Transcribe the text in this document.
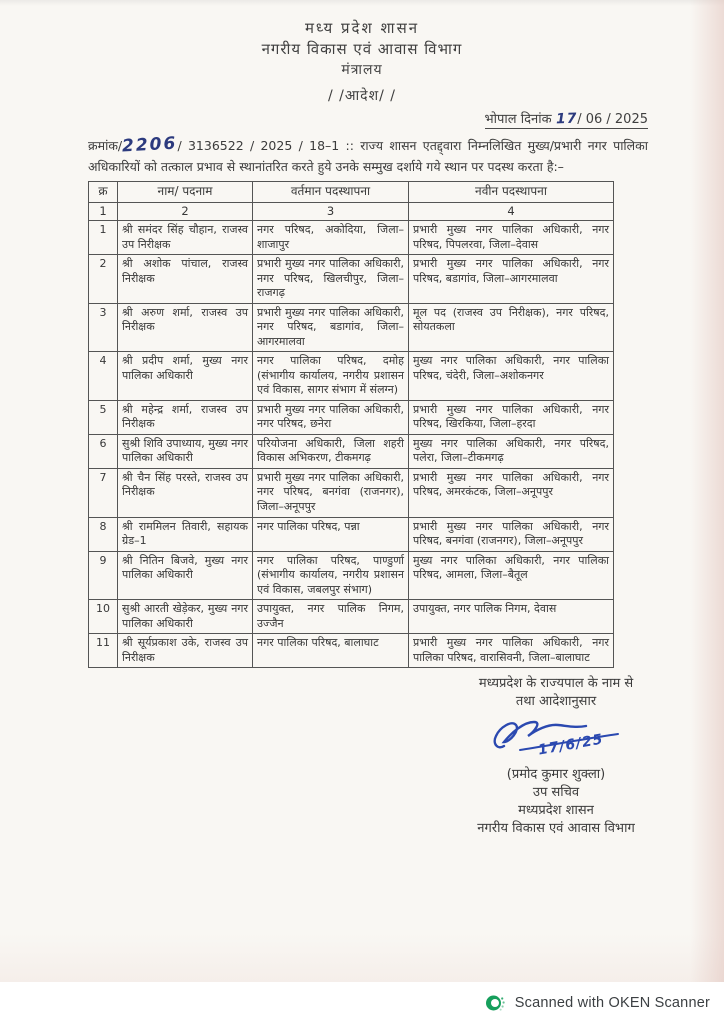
मध्य प्रदेश शासन
नगरीय विकास एवं आवास विभाग
मंत्रालय
/ /आदेश/ /
भोपाल दिनांक 17/ 06 / 2025

क्रमांक/2206/ 3136522 / 2025 / 18–1 :: राज्य शासन एतद्द्वारा निम्नलिखित मुख्य/प्रभारी नगर पालिका अधिकारियों को तत्काल प्रभाव से स्थानांतरित करते हुये उनके सम्मुख दर्शाये गये स्थान पर पदस्थ करता है:–

क्र	नाम/ पदनाम	वर्तमान पदस्थापना	नवीन पदस्थापना
1	2	3	4
1	श्री समंदर सिंह चौहान, राजस्व उप निरीक्षक	नगर परिषद, अकोदिया, जिला–शाजापुर	प्रभारी मुख्य नगर पालिका अधिकारी, नगर परिषद, पिपलरवा, जिला–देवास
2	श्री अशोक पांचाल, राजस्व निरीक्षक	प्रभारी मुख्य नगर पालिका अधिकारी, नगर परिषद, खिलचीपुर, जिला–राजगढ़	प्रभारी मुख्य नगर पालिका अधिकारी, नगर परिषद, बडागांव, जिला–आगरमालवा
3	श्री अरुण शर्मा, राजस्व उप निरीक्षक	प्रभारी मुख्य नगर पालिका अधिकारी, नगर परिषद, बडागांव, जिला–आगरमालवा	मूल पद (राजस्व उप निरीक्षक), नगर परिषद, सोयतकला
4	श्री प्रदीप शर्मा, मुख्य नगर पालिका अधिकारी	नगर पालिका परिषद, दमोह (संभागीय कार्यालय, नगरीय प्रशासन एवं विकास, सागर संभाग में संलग्न)	मुख्य नगर पालिका अधिकारी, नगर पालिका परिषद, चंदेरी, जिला–अशोकनगर
5	श्री महेन्द्र शर्मा, राजस्व उप निरीक्षक	प्रभारी मुख्य नगर पालिका अधिकारी, नगर परिषद, छनेरा	प्रभारी मुख्य नगर पालिका अधिकारी, नगर परिषद, खिरकिया, जिला–हरदा
6	सुश्री शिवि उपाध्याय, मुख्य नगर पालिका अधिकारी	परियोजना अधिकारी, जिला शहरी विकास अभिकरण, टीकमगढ़	मुख्य नगर पालिका अधिकारी, नगर परिषद, पलेरा, जिला–टीकमगढ़
7	श्री चैन सिंह परस्ते, राजस्व उप निरीक्षक	प्रभारी मुख्य नगर पालिका अधिकारी, नगर परिषद, बनगंवा (राजनगर), जिला–अनूपपुर	प्रभारी मुख्य नगर पालिका अधिकारी, नगर परिषद, अमरकंटक, जिला–अनूपपुर
8	श्री राममिलन तिवारी, सहायक ग्रेड–1	नगर पालिका परिषद, पन्ना	प्रभारी मुख्य नगर पालिका अधिकारी, नगर परिषद, बनगंवा (राजनगर), जिला–अनूपपुर
9	श्री नितिन बिजवे, मुख्य नगर पालिका अधिकारी	नगर पालिका परिषद, पाण्डुर्णा (संभागीय कार्यालय, नगरीय प्रशासन एवं विकास, जबलपुर संभाग)	मुख्य नगर पालिका अधिकारी, नगर पालिका परिषद, आमला, जिला–बैतूल
10	सुश्री आरती खेड़ेकर, मुख्य नगर पालिका अधिकारी	उपायुक्त, नगर पालिक निगम, उज्जैन	उपायुक्त, नगर पालिक निगम, देवास
11	श्री सूर्यप्रकाश उके, राजस्व उप निरीक्षक	नगर पालिका परिषद, बालाघाट	प्रभारी मुख्य नगर पालिका अधिकारी, नगर पालिका परिषद, वारासिवनी, जिला–बालाघाट
मध्यप्रदेश के राज्यपाल के नाम से
तथा आदेशानुसार
17/6/25
(प्रमोद कुमार शुक्ला)
उप सचिव
मध्यप्रदेश शासन
नगरीय विकास एवं आवास विभाग
Scanned with OKEN Scanner
